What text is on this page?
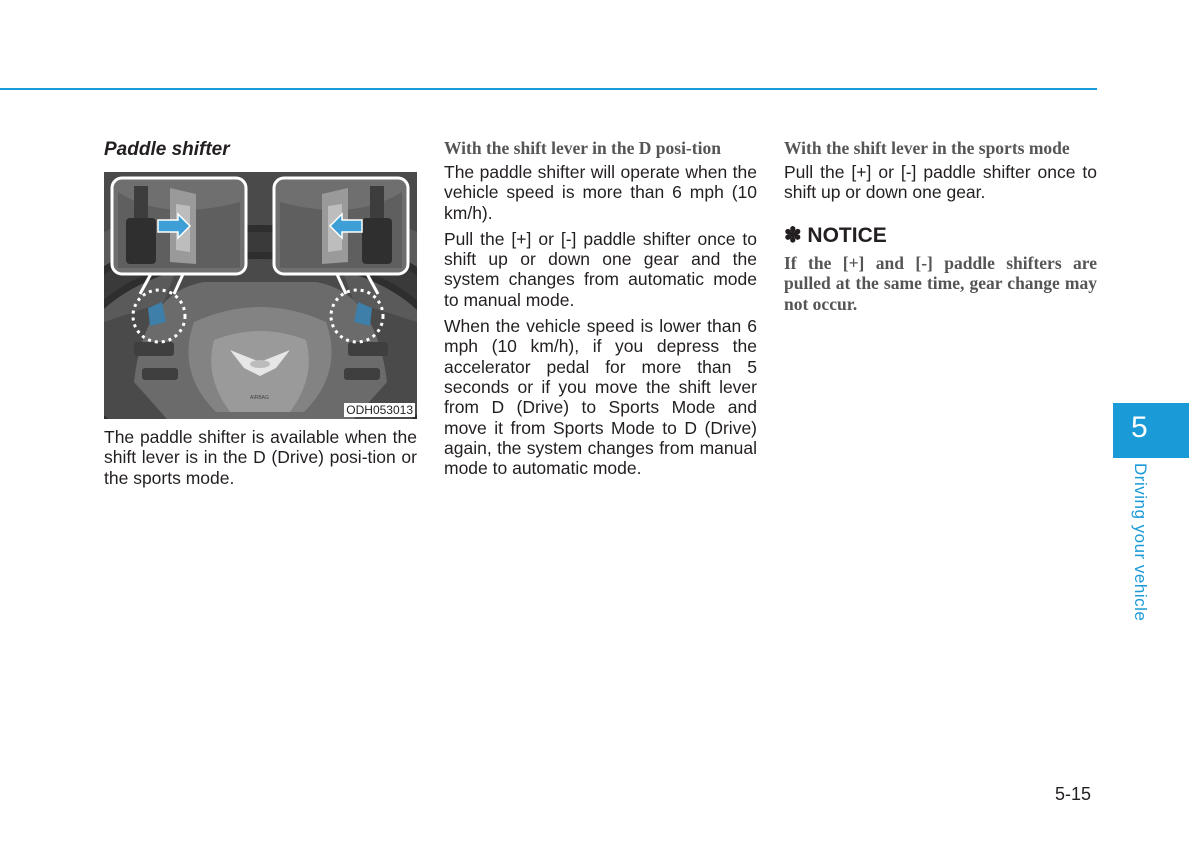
Paddle shifter
AIRBAG
ODH053013

The paddle shifter is available when the shift lever is in the D (Drive) posi-tion or the sports mode.

With the shift lever in the D posi-tion

The paddle shifter will operate when the vehicle speed is more than 6 mph (10 km/h).

Pull the [+] or [-] paddle shifter once to shift up or down one gear and the system changes from automatic mode to manual mode.

When the vehicle speed is lower than 6 mph (10 km/h), if you depress the accelerator pedal for more than 5 seconds or if you move the shift lever from D (Drive) to Sports Mode and move it from Sports Mode to D (Drive) again, the system changes from manual mode to automatic mode.

With the shift lever in the sports mode

Pull the [+] or [-] paddle shifter once to shift up or down one gear.

✽ NOTICE

If the [+] and [-] paddle shifters are pulled at the same time, gear change may not occur.

5
Driving your vehicle
5-15
